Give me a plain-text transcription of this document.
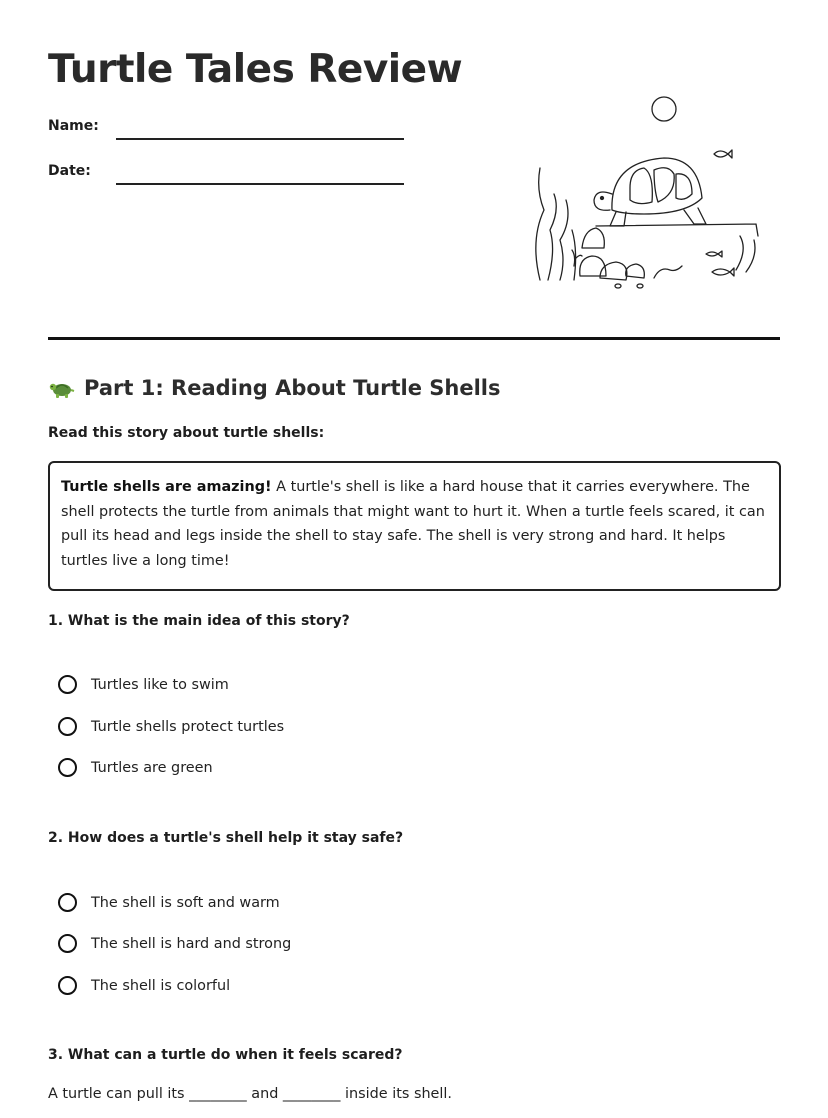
Turtle Tales Review
Name:
Date:
Part 1: Reading About Turtle Shells
Read this story about turtle shells:
Turtle shells are amazing! A turtle's shell is like a hard house that it carries everywhere. The shell protects the turtle from animals that might want to hurt it. When a turtle feels scared, it can pull its head and legs inside the shell to stay safe. The shell is very strong and hard. It helps turtles live a long time!
1. What is the main idea of this story?
Turtles like to swim
Turtle shells protect turtles
Turtles are green
2. How does a turtle's shell help it stay safe?
The shell is soft and warm
The shell is hard and strong
The shell is colorful
3. What can a turtle do when it feels scared?
A turtle can pull its ________ and ________ inside its shell.
